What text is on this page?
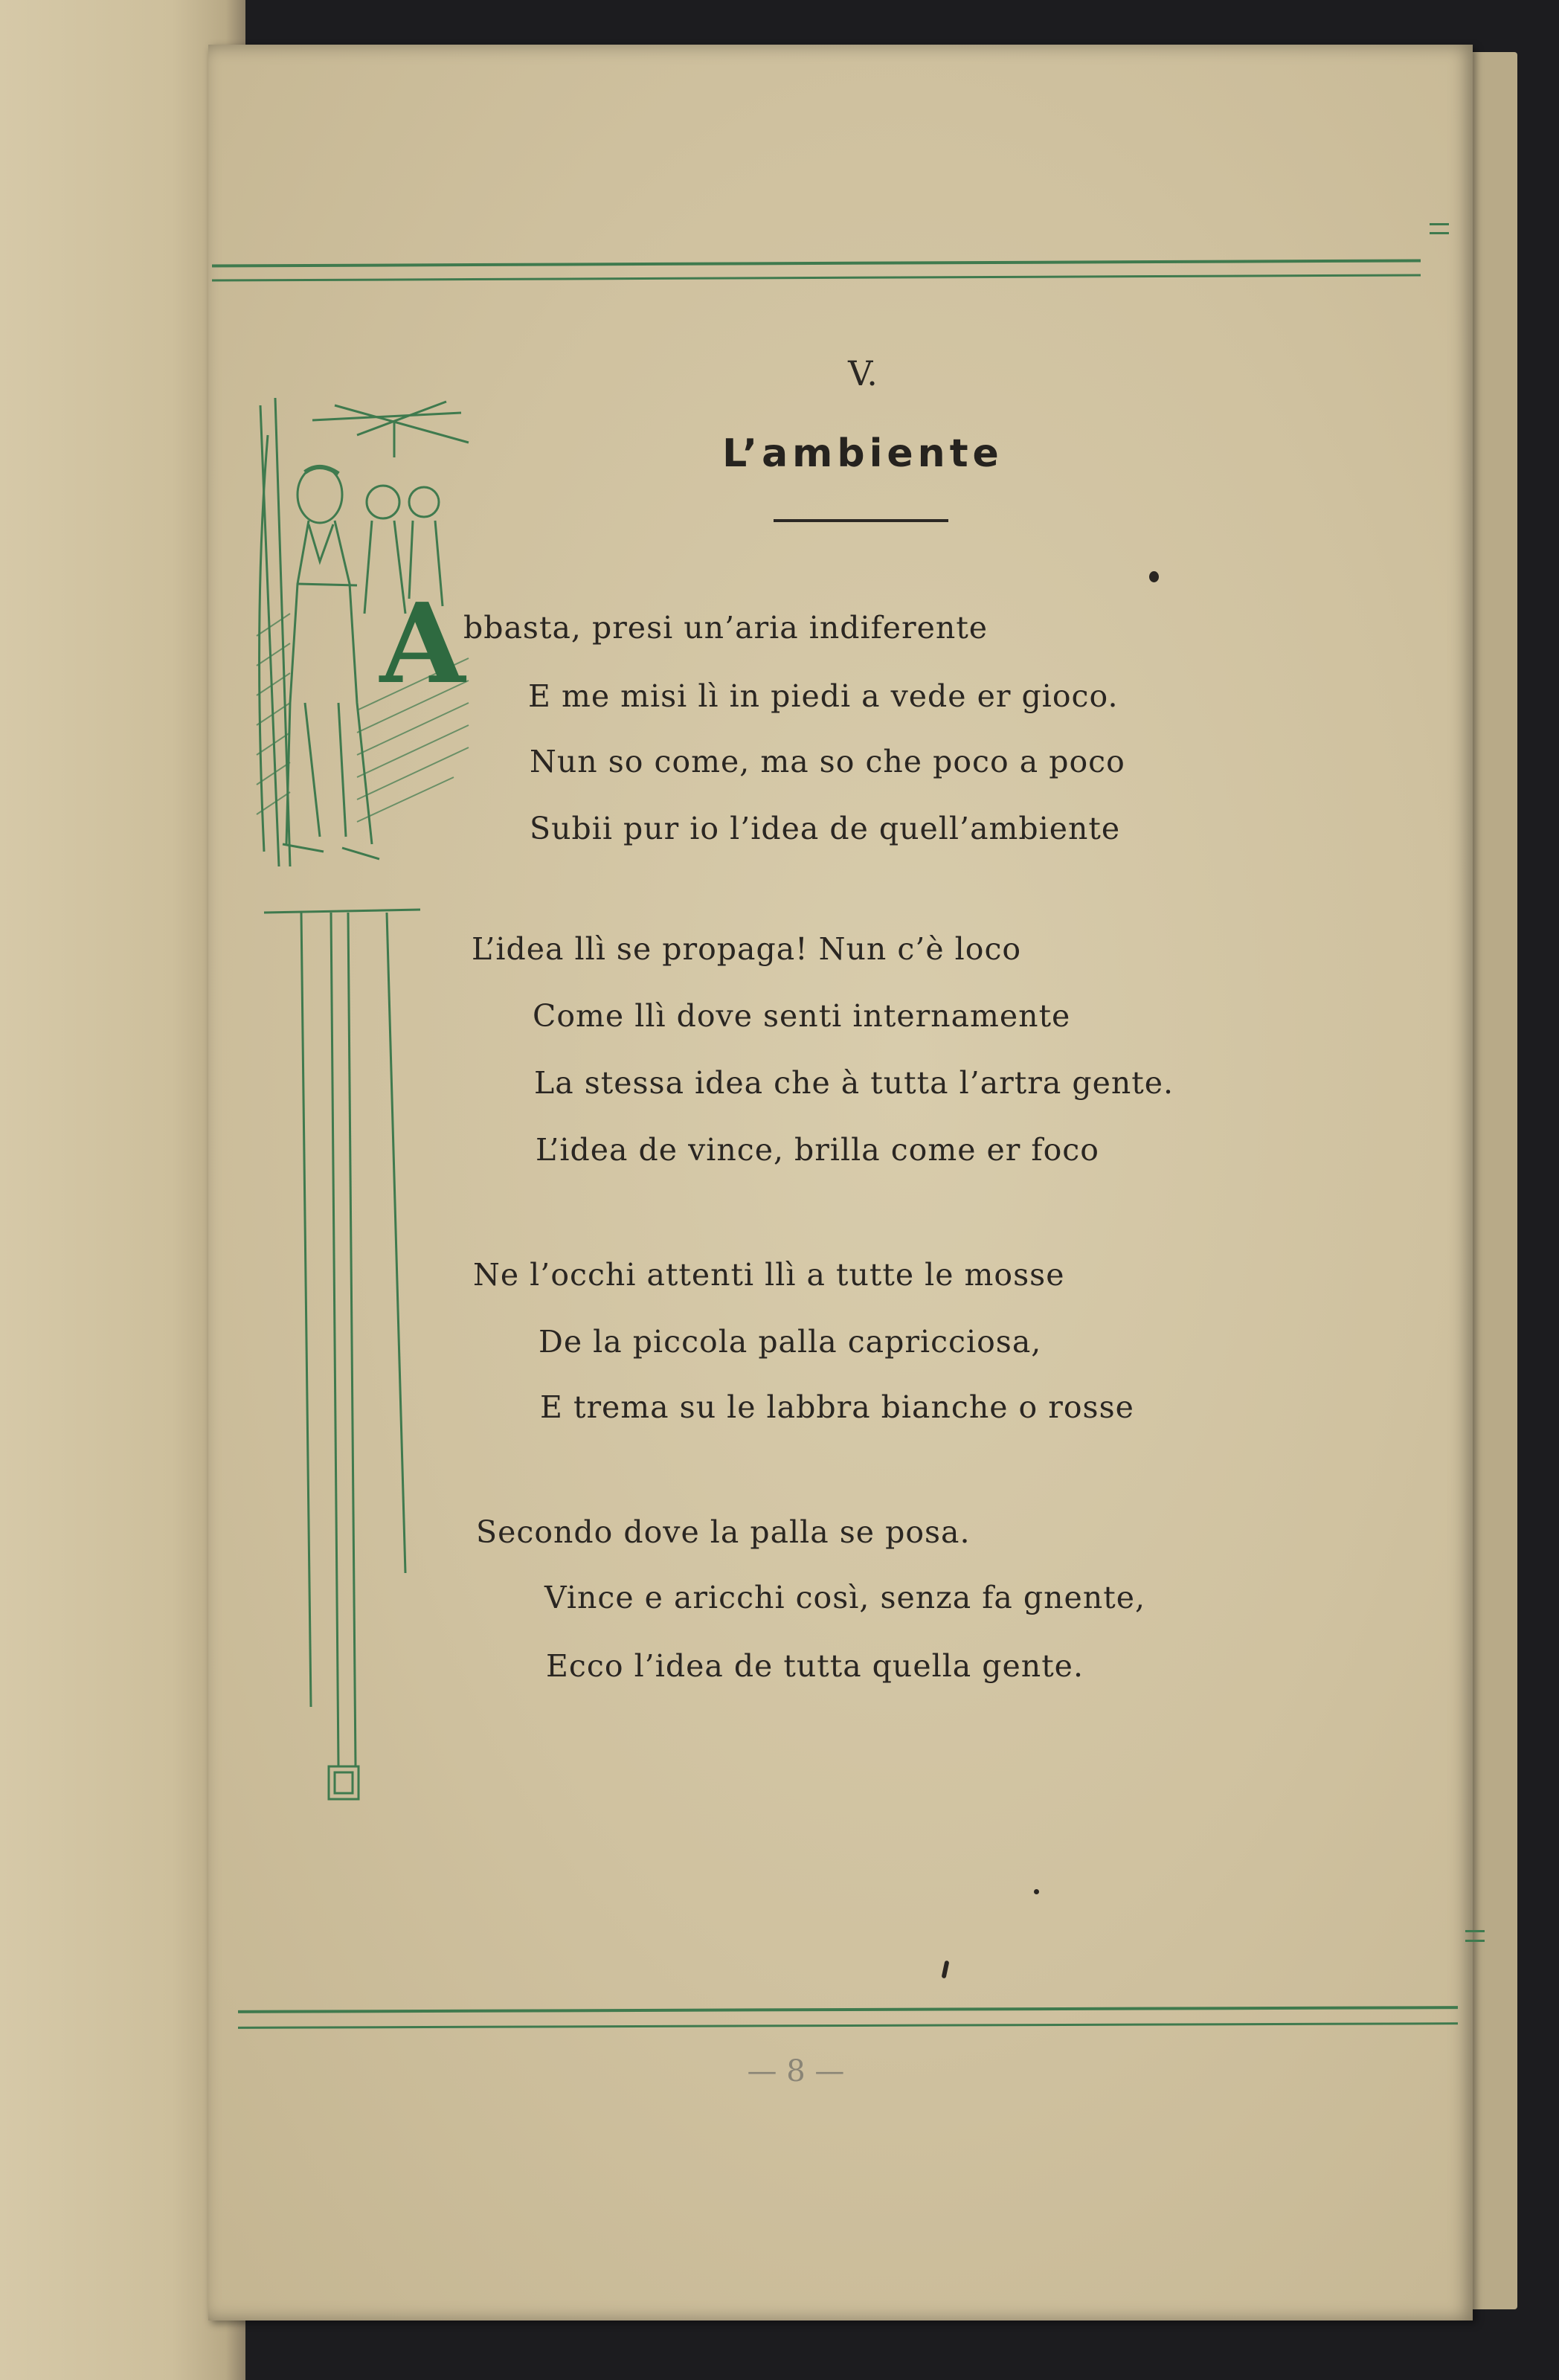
V.
L’ambiente
A
bbasta, presi un’aria indiferente
E me misi lì in piedi a vede er gioco.
Nun so come, ma so che poco a poco
Subii pur io l’idea de quell’ambiente
L’idea llì se propaga! Nun c’è loco
Come llì dove senti internamente
La stessa idea che à tutta l’artra gente.
L’idea de vince, brilla come er foco
Ne l’occhi attenti llì a tutte le mosse
De la piccola palla capricciosa,
E trema su le labbra bianche o rosse
Secondo dove la palla se posa.
Vince e aricchi così, senza fa gnente,
Ecco l’idea de tutta quella gente.
— 8 —
